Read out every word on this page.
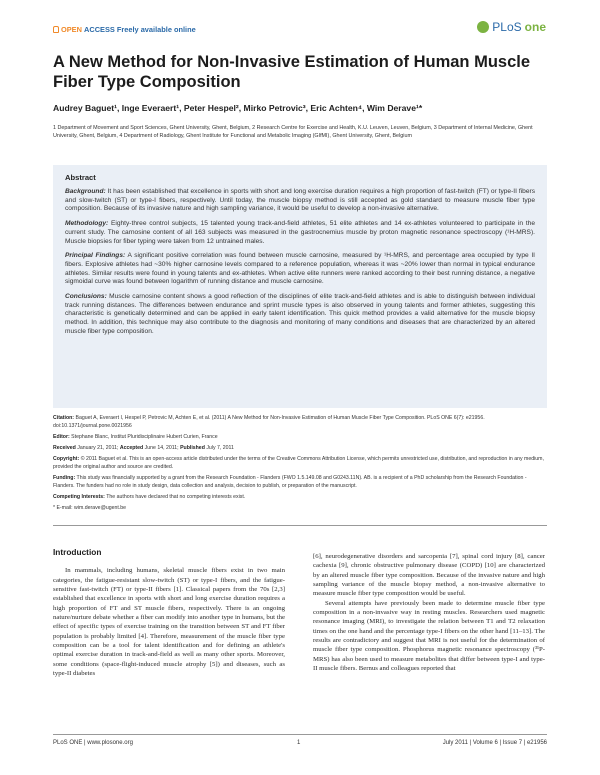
OPEN ACCESS Freely available online	PLoS one
A New Method for Non-Invasive Estimation of Human Muscle Fiber Type Composition
Audrey Baguet¹, Inge Everaert¹, Peter Hespel², Mirko Petrovic³, Eric Achten⁴, Wim Derave¹*
1 Department of Movement and Sport Sciences, Ghent University, Ghent, Belgium, 2 Research Centre for Exercise and Health, K.U. Leuven, Leuven, Belgium, 3 Department of Internal Medicine, Ghent University, Ghent, Belgium, 4 Department of Radiology, Ghent Institute for Functional and Metabolic Imaging (GIfMI), Ghent University, Ghent, Belgium
Abstract

Background: It has been established that excellence in sports with short and long exercise duration requires a high proportion of fast-twitch (FT) or type-II fibers and slow-twitch (ST) or type-I fibers, respectively. Until today, the muscle biopsy method is still accepted as gold standard to measure muscle fiber type composition. Because of its invasive nature and high sampling variance, it would be useful to develop a non-invasive alternative.

Methodology: Eighty-three control subjects, 15 talented young track-and-field athletes, 51 elite athletes and 14 ex-athletes volunteered to participate in the current study. The carnosine content of all 163 subjects was measured in the gastrocnemius muscle by proton magnetic resonance spectroscopy (¹H-MRS). Muscle biopsies for fiber typing were taken from 12 untrained males.

Principal Findings: A significant positive correlation was found between muscle carnosine, measured by ¹H-MRS, and percentage area occupied by type II fibers. Explosive athletes had ~30% higher carnosine levels compared to a reference population, whereas it was ~20% lower than normal in typical endurance athletes. Similar results were found in young talents and ex-athletes. When active elite runners were ranked according to their best running distance, a negative sigmoidal curve was found between logarithm of running distance and muscle carnosine.

Conclusions: Muscle carnosine content shows a good reflection of the disciplines of elite track-and-field athletes and is able to distinguish between individual track running distances. The differences between endurance and sprint muscle types is also observed in young talents and former athletes, suggesting this characteristic is genetically determined and can be applied in early talent identification. This quick method provides a valid alternative for the muscle biopsy method. In addition, this technique may also contribute to the diagnosis and monitoring of many conditions and diseases that are characterized by an altered muscle fiber type composition.

Citation: Baguet A, Everaert I, Hespel P, Petrovic M, Achten E, et al. (2011) A New Method for Non-Invasive Estimation of Human Muscle Fiber Type Composition. PLoS ONE 6(7): e21956. doi:10.1371/journal.pone.0021956

Editor: Stephane Blanc, Institut Pluridisciplinaire Hubert Curien, France

Received January 21, 2011; Accepted June 14, 2011; Published July 7, 2011

Copyright: © 2011 Baguet et al. This is an open-access article distributed under the terms of the Creative Commons Attribution License, which permits unrestricted use, distribution, and reproduction in any medium, provided the original author and source are credited.

Funding: This study was financially supported by a grant from the Research Foundation - Flanders (FWO 1.5.149.08 and G0243.11N). AB. is a recipient of a PhD scholarship from the Research Foundation - Flanders. The funders had no role in study design, data collection and analysis, decision to publish, or preparation of the manuscript.

Competing Interests: The authors have declared that no competing interests exist.

* E-mail: wim.derave@ugent.be

Introduction

In mammals, including humans, skeletal muscle fibers exist in two main categories, the fatigue-resistant slow-twitch (ST) or type-I fibers, and the fatigue-sensitive fast-twitch (FT) or type-II fibers [1]. Classical papers from the 70s [2,3] established that excellence in sports with short and long exercise duration requires a high proportion of FT and ST muscle fibers, respectively. There is an ongoing nature/nurture debate whether a fiber can modify into another type in humans, but the effect of specific types of exercise training on the transition between ST and FT fiber population is probably limited [4]. Therefore, measurement of the muscle fiber type composition can be a tool for talent identification and for defining an athlete's optimal exercise duration in track-and-field as well as many other sports. Moreover, some conditions (space-flight-induced muscle atrophy [5]) and diseases, such as type-II diabetes

[6], neurodegenerative disorders and sarcopenia [7], spinal cord injury [8], cancer cachexia [9], chronic obstructive pulmonary disease (COPD) [10] are characterized by an altered muscle fiber type composition. Because of the invasive nature and high sampling variance of the muscle biopsy method, a non-invasive alternative to measure muscle fiber type composition would be useful.

Several attempts have previously been made to determine muscle fiber type composition in a non-invasive way in resting muscles. Researchers used magnetic resonance imaging (MRI), to investigate the relation between T1 and T2 relaxation times on the one hand and the percentage type-I fibers on the other hand [11–13]. The results are contradictory and suggest that MRI is not useful for the determination of muscle fiber type composition. Phosphorus magnetic resonance spectroscopy (³¹P-MRS) has also been used to measure metabolites that differ between type-I and type-II muscle fibers. Bernus and colleagues reported that

PLoS ONE | www.plosone.org	1	July 2011 | Volume 6 | Issue 7 | e21956
